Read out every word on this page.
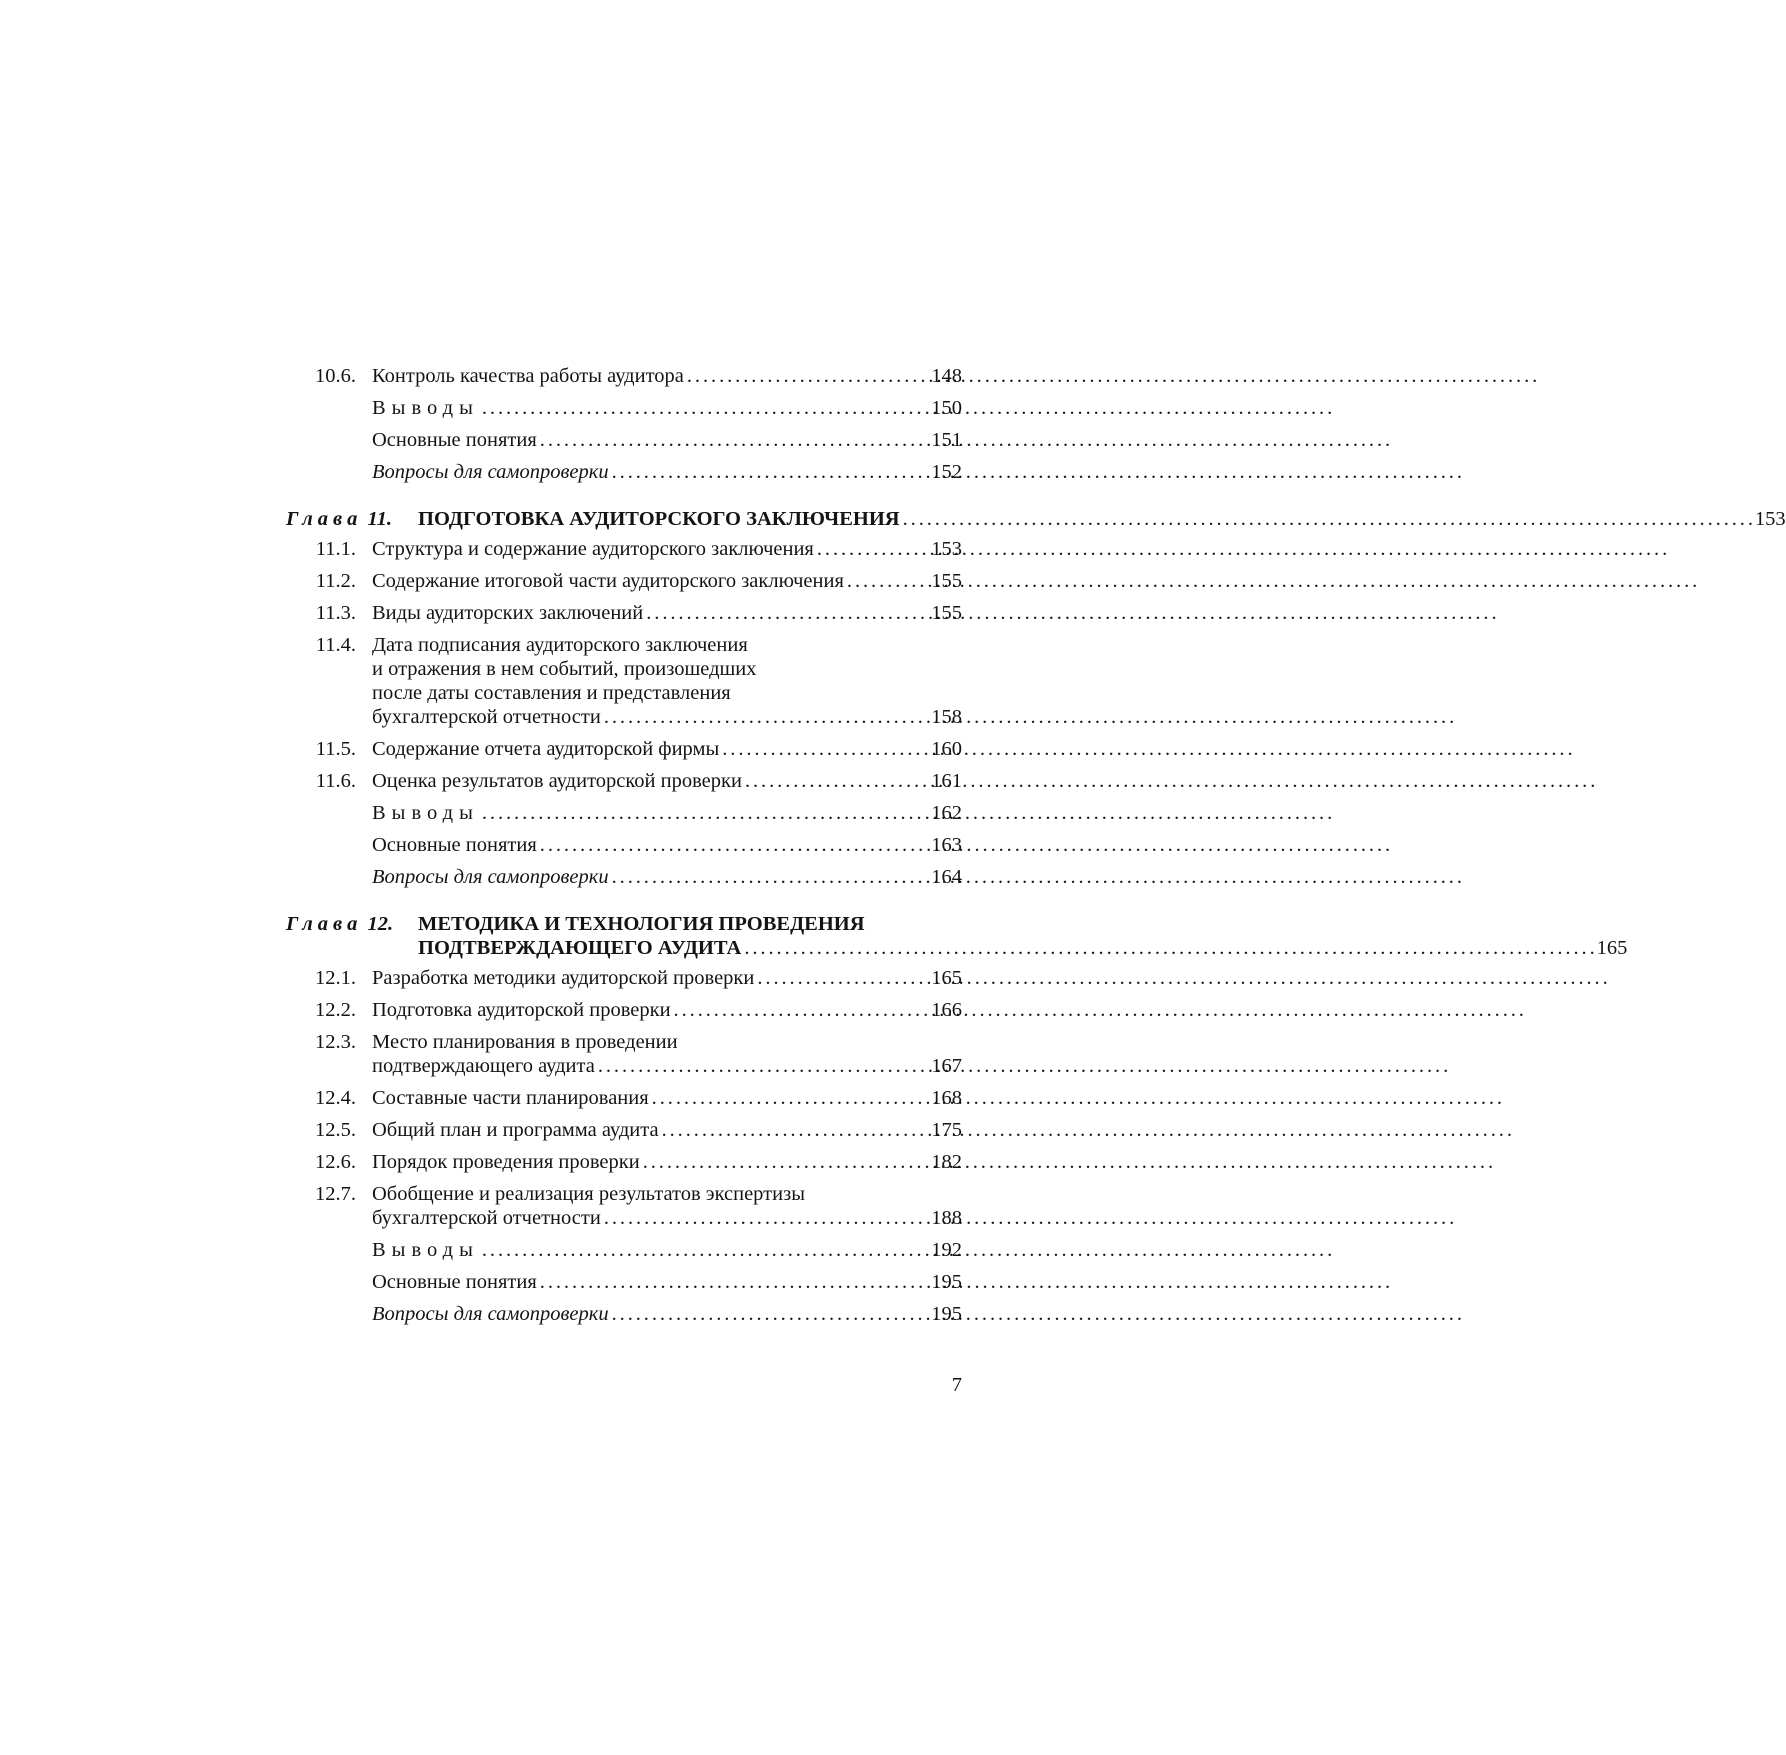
10.6. Контроль качества работы аудитора . . .	148
Выводы . . .	150
Основные понятия . . .	151
Вопросы для самопроверки . . .	152
Глава 11.	ПОДГОТОВКА АУДИТОРСКОГО ЗАКЛЮЧЕНИЯ . . .	153
11.1. Структура и содержание аудиторского заключения . . .	153
11.2. Содержание итоговой части аудиторского заключения . . .	155
11.3. Виды аудиторских заключений . . .	155
11.4. Дата подписания аудиторского заключения
и отражения в нем событий, произошедших
после даты составления и представления
бухгалтерской отчетности . . .	158
11.5. Содержание отчета аудиторской фирмы . . .	160
11.6. Оценка результатов аудиторской проверки . . .	161
Выводы . . .	162
Основные понятия . . .	163
Вопросы для самопроверки . . .	164
Глава 12.	МЕТОДИКА И ТЕХНОЛОГИЯ ПРОВЕДЕНИЯ
ПОДТВЕРЖДАЮЩЕГО АУДИТА . . .	165
12.1. Разработка методики аудиторской проверки . . .	165
12.2. Подготовка аудиторской проверки . . .	166
12.3. Место планирования в проведении
подтверждающего аудита . . .	167
12.4. Составные части планирования . . .	168
12.5. Общий план и программа аудита . . .	175
12.6. Порядок проведения проверки . . .	182
12.7. Обобщение и реализация результатов экспертизы
бухгалтерской отчетности . . .	188
Выводы . . .	192
Основные понятия . . .	195
Вопросы для самопроверки . . .	195
7
